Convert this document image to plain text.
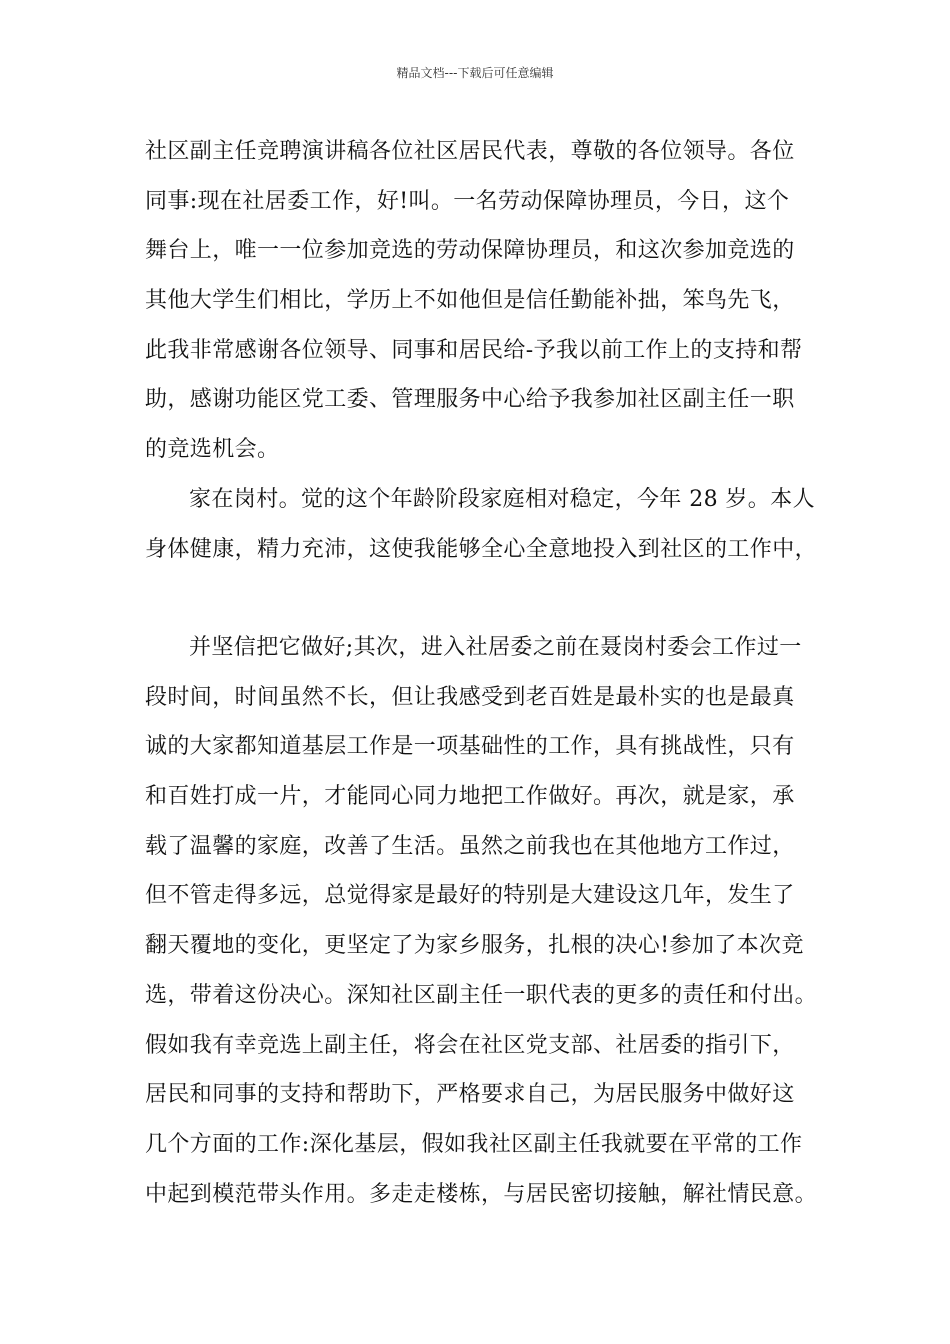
精品文档---下载后可任意编辑
社区副主任竞聘演讲稿各位社区居民代表，尊敬的各位领导。各位
同事:现在社居委工作，好!叫。一名劳动保障协理员，今日，这个
舞台上，唯一一位参加竞选的劳动保障协理员，和这次参加竞选的
其他大学生们相比，学历上不如他但是信任勤能补拙，笨鸟先飞，
此我非常感谢各位领导、同事和居民给-予我以前工作上的支持和帮
助，感谢功能区党工委、管理服务中心给予我参加社区副主任一职
的竞选机会。
家在岗村。觉的这个年龄阶段家庭相对稳定，今年 28 岁。本人
身体健康，精力充沛，这使我能够全心全意地投入到社区的工作中，
并坚信把它做好;其次，进入社居委之前在聂岗村委会工作过一
段时间，时间虽然不长，但让我感受到老百姓是最朴实的也是最真
诚的大家都知道基层工作是一项基础性的工作，具有挑战性，只有
和百姓打成一片，才能同心同力地把工作做好。再次，就是家，承
载了温馨的家庭，改善了生活。虽然之前我也在其他地方工作过，
但不管走得多远，总觉得家是最好的特别是大建设这几年，发生了
翻天覆地的变化，更坚定了为家乡服务，扎根的决心!参加了本次竞
选，带着这份决心。深知社区副主任一职代表的更多的责任和付出。
假如我有幸竞选上副主任，将会在社区党支部、社居委的指引下，
居民和同事的支持和帮助下，严格要求自己，为居民服务中做好这
几个方面的工作:深化基层，假如我社区副主任我就要在平常的工作
中起到模范带头作用。多走走楼栋，与居民密切接触，解社情民意。
